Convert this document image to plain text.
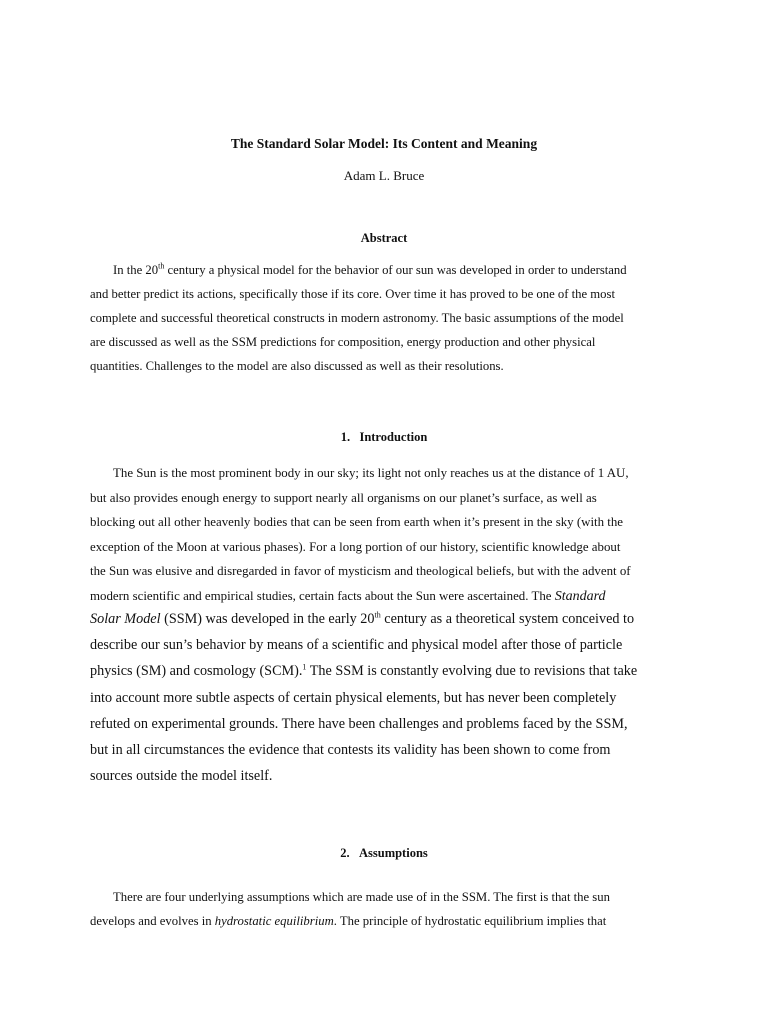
The Standard Solar Model: Its Content and Meaning
Adam L. Bruce
Abstract
In the 20th century a physical model for the behavior of our sun was developed in order to understand
and better predict its actions, specifically those if its core. Over time it has proved to be one of the most
complete and successful theoretical constructs in modern astronomy. The basic assumptions of the model
are discussed as well as the SSM predictions for composition, energy production and other physical
quantities. Challenges to the model are also discussed as well as their resolutions.
1.   Introduction
The Sun is the most prominent body in our sky; its light not only reaches us at the distance of 1 AU,
but also provides enough energy to support nearly all organisms on our planet’s surface, as well as
blocking out all other heavenly bodies that can be seen from earth when it’s present in the sky (with the
exception of the Moon at various phases). For a long portion of our history, scientific knowledge about
the Sun was elusive and disregarded in favor of mysticism and theological beliefs, but with the advent of
modern scientific and empirical studies, certain facts about the Sun were ascertained. The Standard
Solar Model (SSM) was developed in the early 20th century as a theoretical system conceived to
describe our sun’s behavior by means of a scientific and physical model after those of particle
physics (SM) and cosmology (SCM).$^1$ The SSM is constantly evolving due to revisions that take
into account more subtle aspects of certain physical elements, but has never been completely
refuted on experimental grounds. There have been challenges and problems faced by the SSM,
but in all circumstances the evidence that contests its validity has been shown to come from
sources outside the model itself.
2.   Assumptions
There are four underlying assumptions which are made use of in the SSM. The first is that the sun
develops and evolves in hydrostatic equilibrium. The principle of hydrostatic equilibrium implies that
